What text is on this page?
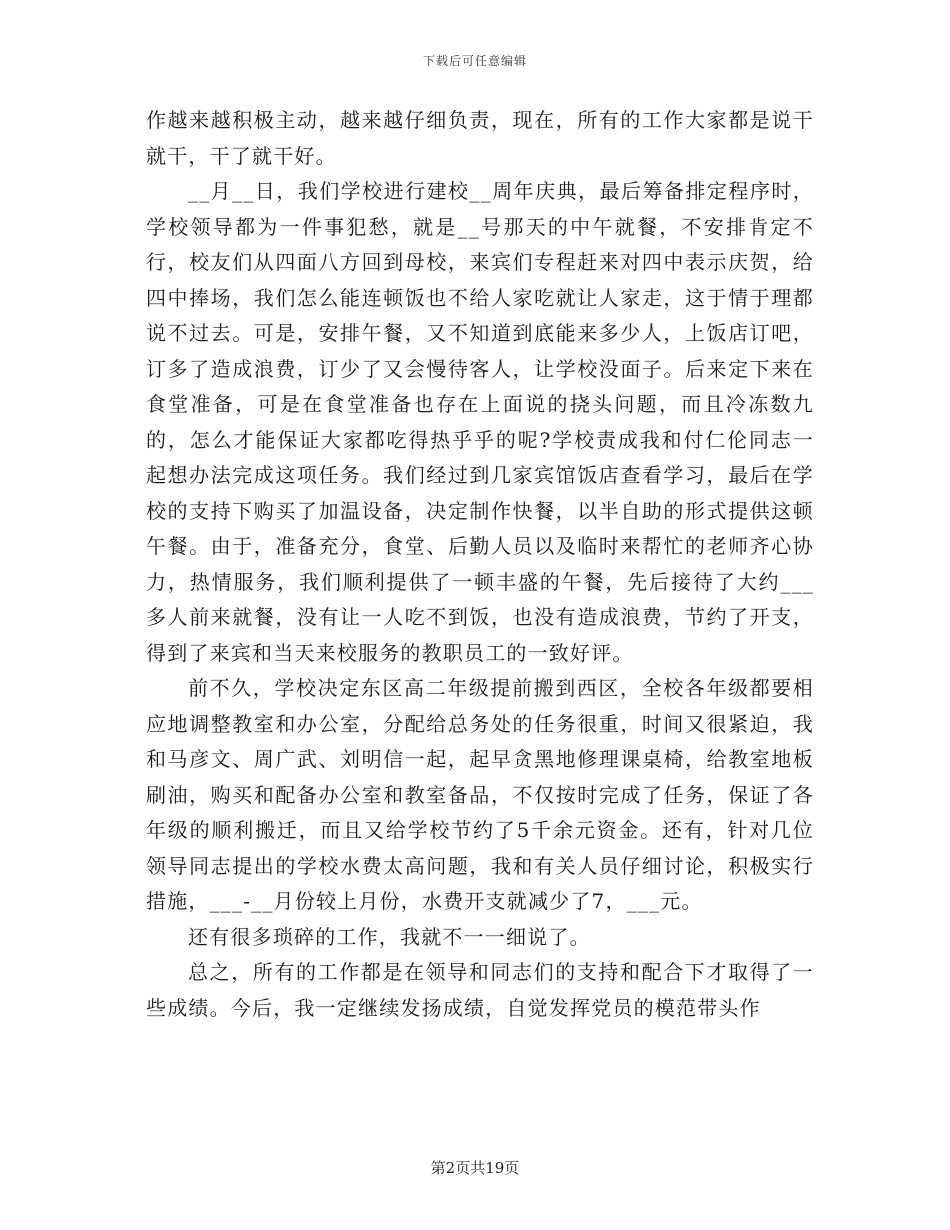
下载后可任意编辑

作越来越积极主动，越来越仔细负责，现在，所有的工作大家都是说干就干，干了就干好。

__月__日，我们学校进行建校__周年庆典，最后筹备排定程序时，学校领导都为一件事犯愁，就是__号那天的中午就餐，不安排肯定不行，校友们从四面八方回到母校，来宾们专程赶来对四中表示庆贺，给四中捧场，我们怎么能连顿饭也不给人家吃就让人家走，这于情于理都说不过去。可是，安排午餐，又不知道到底能来多少人，上饭店订吧，订多了造成浪费，订少了又会慢待客人，让学校没面子。后来定下来在食堂准备，可是在食堂准备也存在上面说的挠头问题，而且冷冻数九的，怎么才能保证大家都吃得热乎乎的呢?学校责成我和付仁伦同志一起想办法完成这项任务。我们经过到几家宾馆饭店查看学习，最后在学校的支持下购买了加温设备，决定制作快餐，以半自助的形式提供这顿午餐。由于，准备充分，食堂、后勤人员以及临时来帮忙的老师齐心协力，热情服务，我们顺利提供了一顿丰盛的午餐，先后接待了大约___多人前来就餐，没有让一人吃不到饭，也没有造成浪费，节约了开支，得到了来宾和当天来校服务的教职员工的一致好评。

前不久，学校决定东区高二年级提前搬到西区，全校各年级都要相应地调整教室和办公室，分配给总务处的任务很重，时间又很紧迫，我和马彦文、周广武、刘明信一起，起早贪黑地修理课桌椅，给教室地板刷油，购买和配备办公室和教室备品，不仅按时完成了任务，保证了各年级的顺利搬迁，而且又给学校节约了5千余元资金。还有，针对几位领导同志提出的学校水费太高问题，我和有关人员仔细讨论，积极实行措施，___-__月份较上月份，水费开支就减少了7，___元。

还有很多琐碎的工作，我就不一一细说了。

总之，所有的工作都是在领导和同志们的支持和配合下才取得了一些成绩。今后，我一定继续发扬成绩，自觉发挥党员的模范带头作

第2页共19页
